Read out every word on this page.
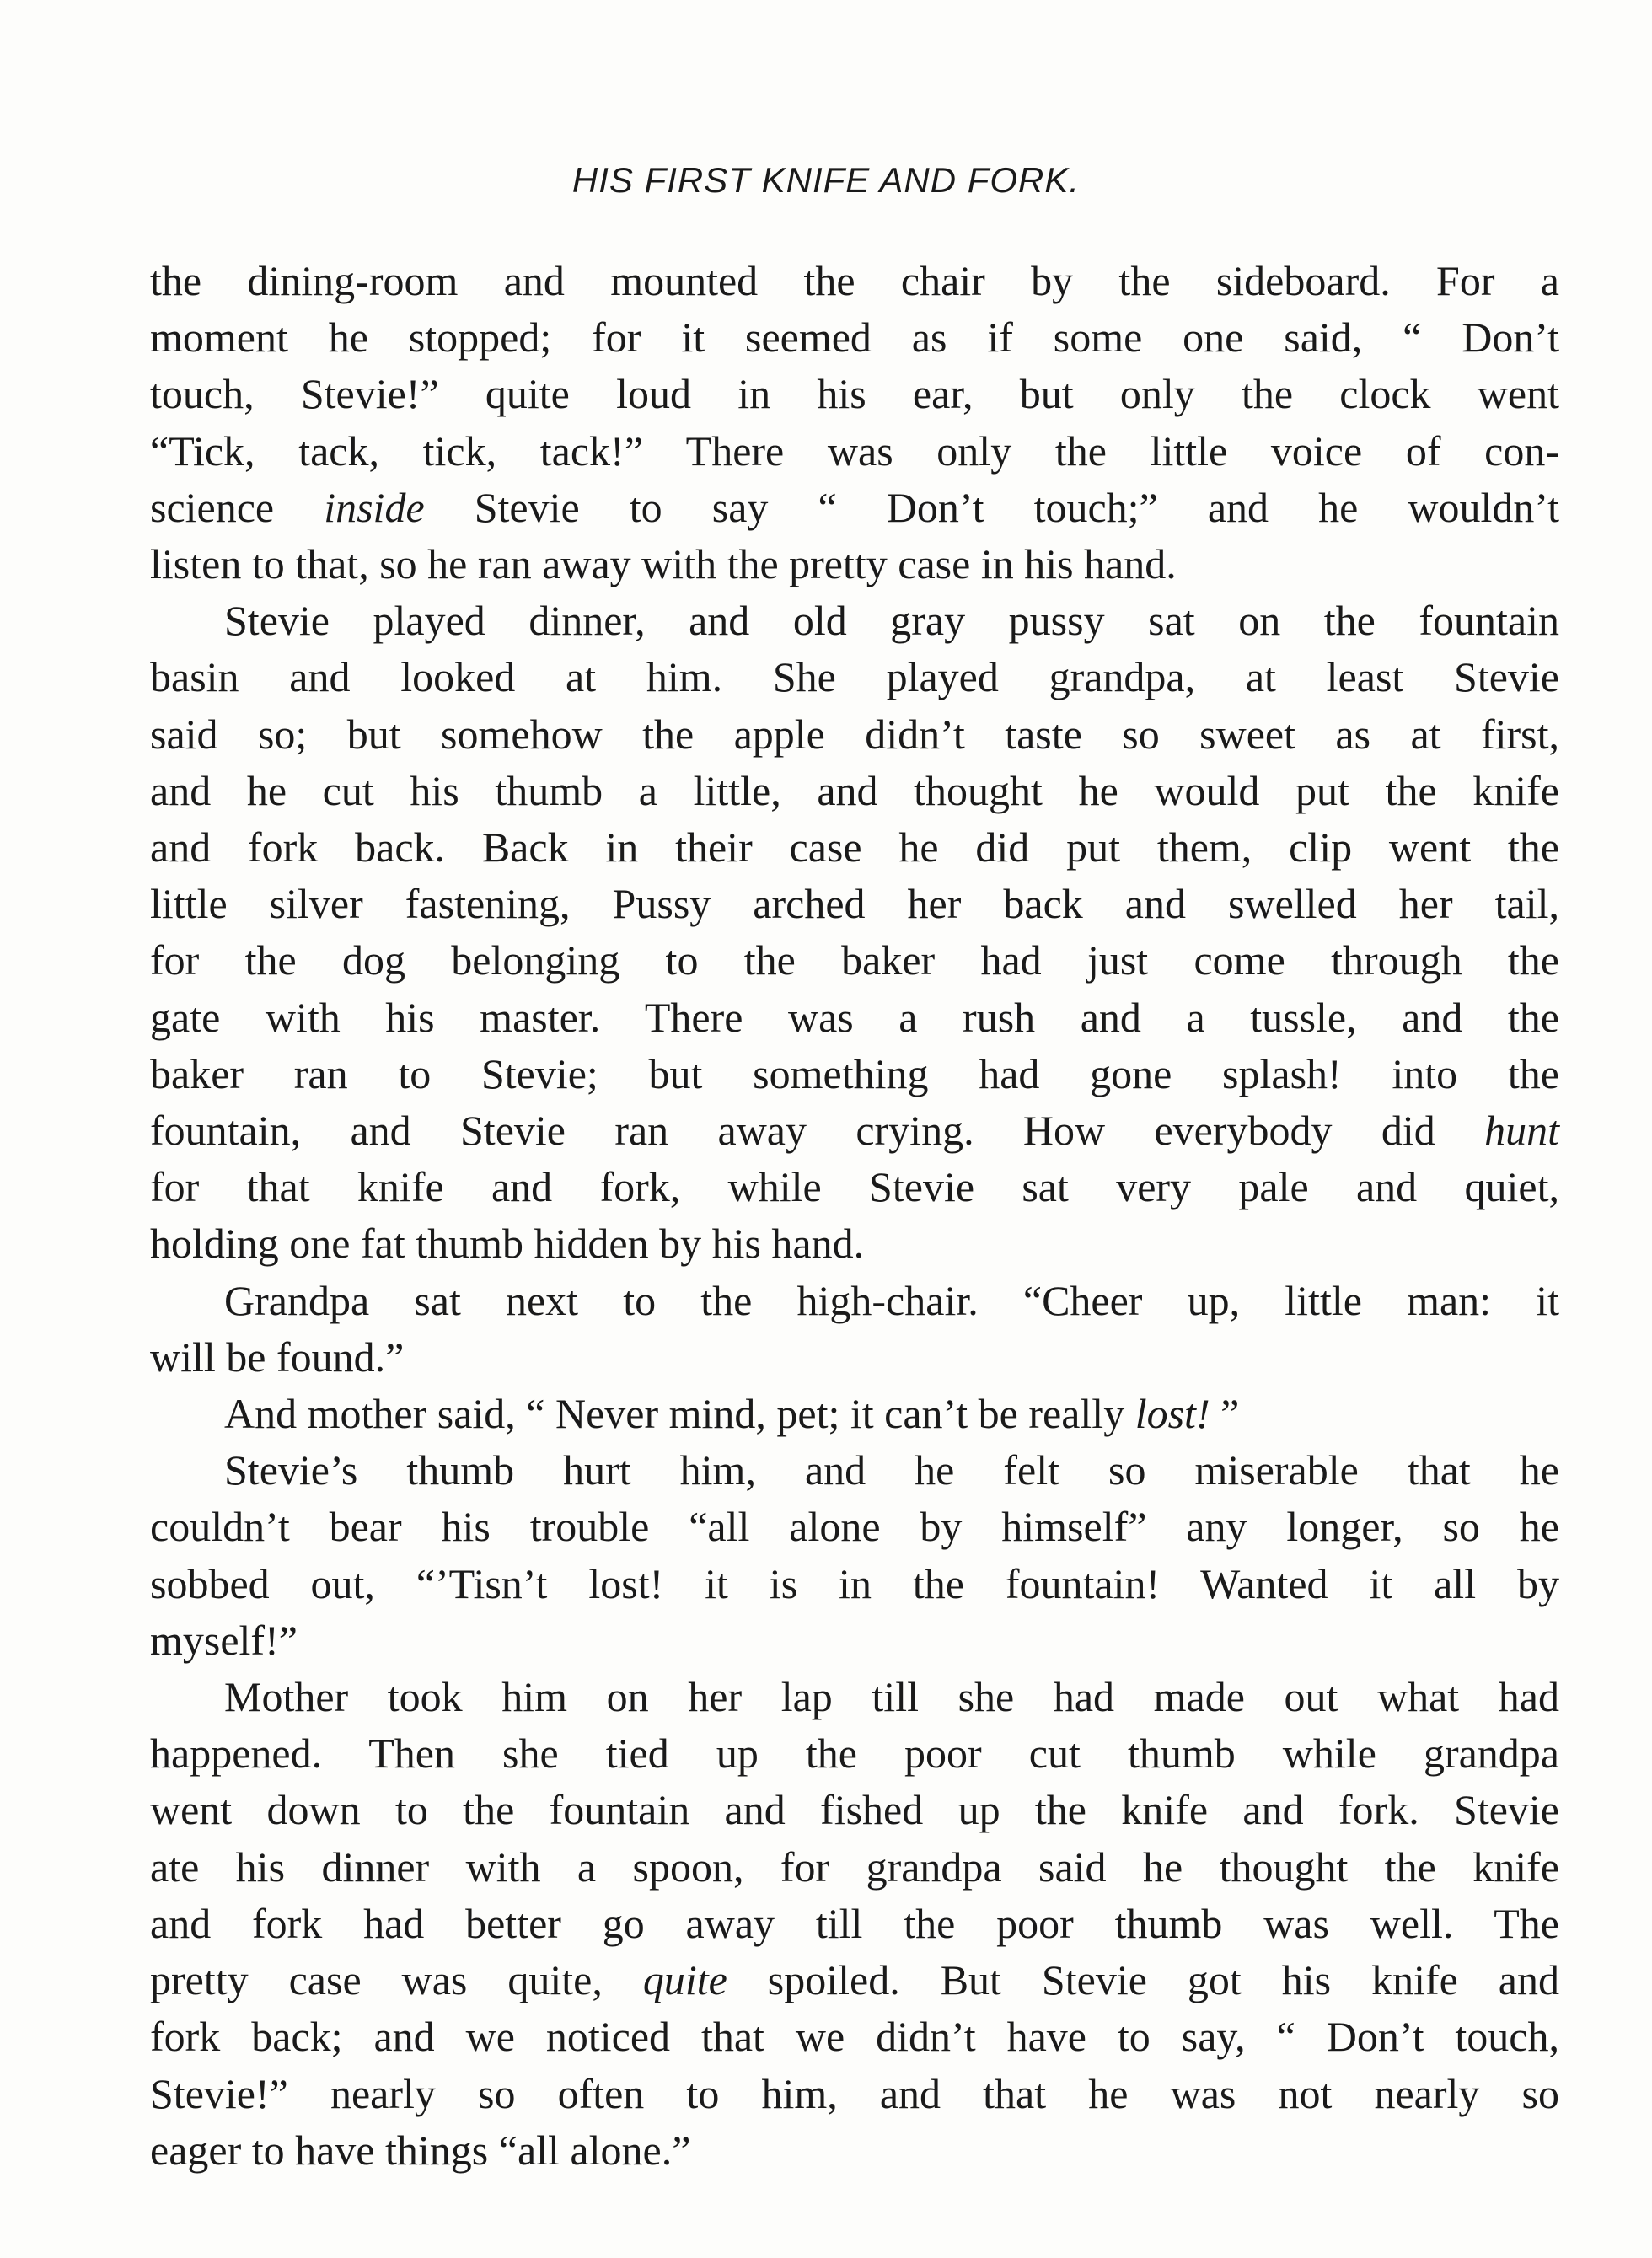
HIS FIRST KNIFE AND FORK.
the dining-room and mounted the chair by the sideboard. For a
moment he stopped; for it seemed as if some one said, “ Don’t
touch, Stevie!” quite loud in his ear, but only the clock went
“Tick, tack, tick, tack!” There was only the little voice of con-
science inside Stevie to say “ Don’t touch;” and he wouldn’t
listen to that, so he ran away with the pretty case in his hand.
Stevie played dinner, and old gray pussy sat on the fountain
basin and looked at him. She played grandpa, at least Stevie
said so; but somehow the apple didn’t taste so sweet as at first,
and he cut his thumb a little, and thought he would put the knife
and fork back. Back in their case he did put them, clip went the
little silver fastening, Pussy arched her back and swelled her tail,
for the dog belonging to the baker had just come through the
gate with his master. There was a rush and a tussle, and the
baker ran to Stevie; but something had gone splash! into the
fountain, and Stevie ran away crying. How everybody did hunt
for that knife and fork, while Stevie sat very pale and quiet,
holding one fat thumb hidden by his hand.
Grandpa sat next to the high-chair. “Cheer up, little man: it
will be found.”
And mother said, “ Never mind, pet; it can’t be really lost! ”
Stevie’s thumb hurt him, and he felt so miserable that he
couldn’t bear his trouble “all alone by himself” any longer, so he
sobbed out, “’Tisn’t lost! it is in the fountain! Wanted it all by
myself!”
Mother took him on her lap till she had made out what had
happened. Then she tied up the poor cut thumb while grandpa
went down to the fountain and fished up the knife and fork. Stevie
ate his dinner with a spoon, for grandpa said he thought the knife
and fork had better go away till the poor thumb was well. The
pretty case was quite, quite spoiled. But Stevie got his knife and
fork back; and we noticed that we didn’t have to say, “ Don’t touch,
Stevie!” nearly so often to him, and that he was not nearly so
eager to have things “all alone.”
